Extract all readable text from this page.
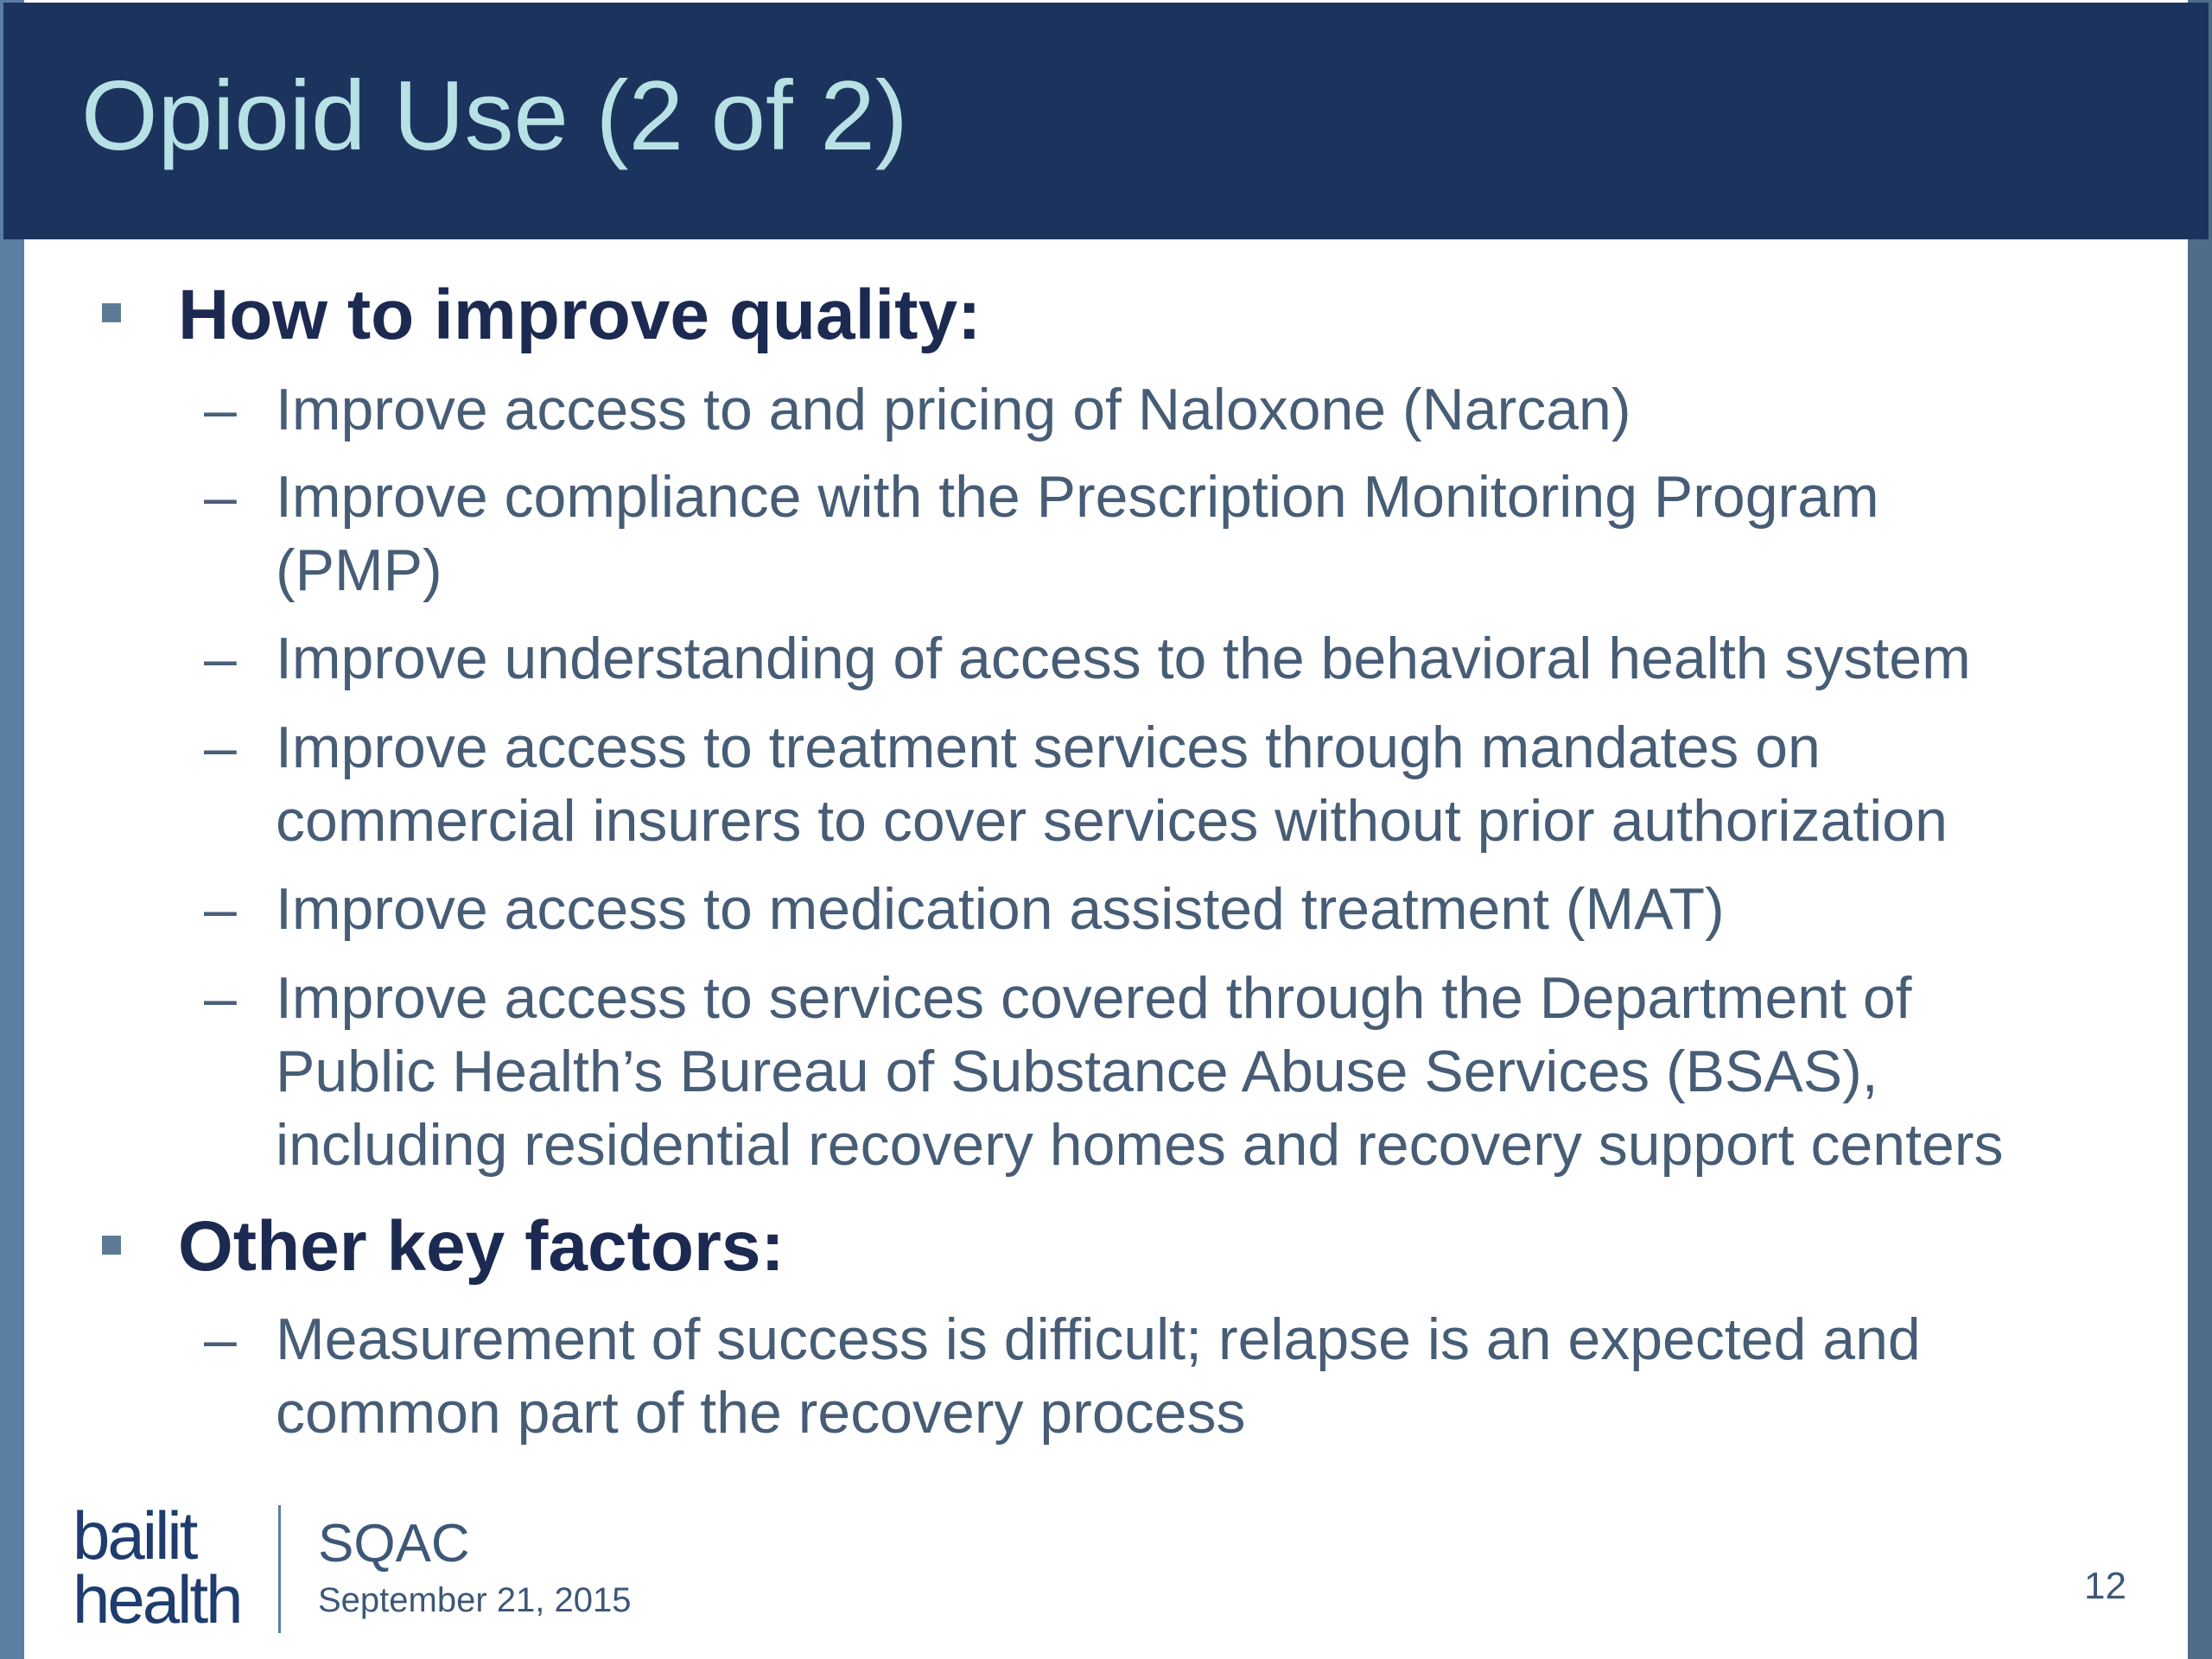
Opioid Use (2 of 2)
How to improve quality:
– Improve access to and pricing of Naloxone (Narcan)
– Improve compliance with the Prescription Monitoring Program
(PMP)
– Improve understanding of access to the behavioral health system
– Improve access to treatment services through mandates on
commercial insurers to cover services without prior authorization
– Improve access to medication assisted treatment (MAT)
– Improve access to services covered through the Department of
Public Health’s Bureau of Substance Abuse Services (BSAS),
including residential recovery homes and recovery support centers
Other key factors:
– Measurement of success is difficult; relapse is an expected and
common part of the recovery process
bailit
health
SQAC
September 21, 2015	12
